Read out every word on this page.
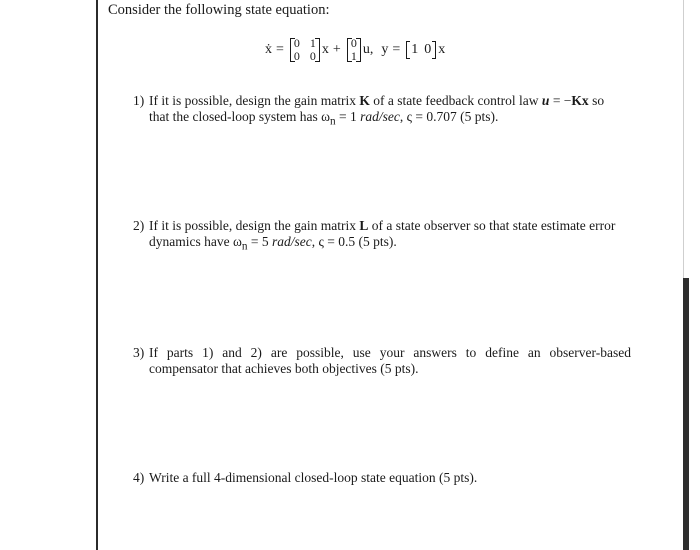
Consider the following state equation:
ẋ = 0 1
0 0 x + 0
1 u, y = 1 0 x
1) If it is possible, design the gain matrix K of a state feedback control law u = −Kx so
that the closed-loop system has $\omega_n = 1$ rad/sec, ς = 0.707 (5 pts).
2) If it is possible, design the gain matrix L of a state observer so that state estimate error
dynamics have $\omega_n = 5$ rad/sec, ς = 0.5 (5 pts).
3) If parts 1) and 2) are possible, use your answers to define an observer-based
compensator that achieves both objectives (5 pts).
4) Write a full 4-dimensional closed-loop state equation (5 pts).
